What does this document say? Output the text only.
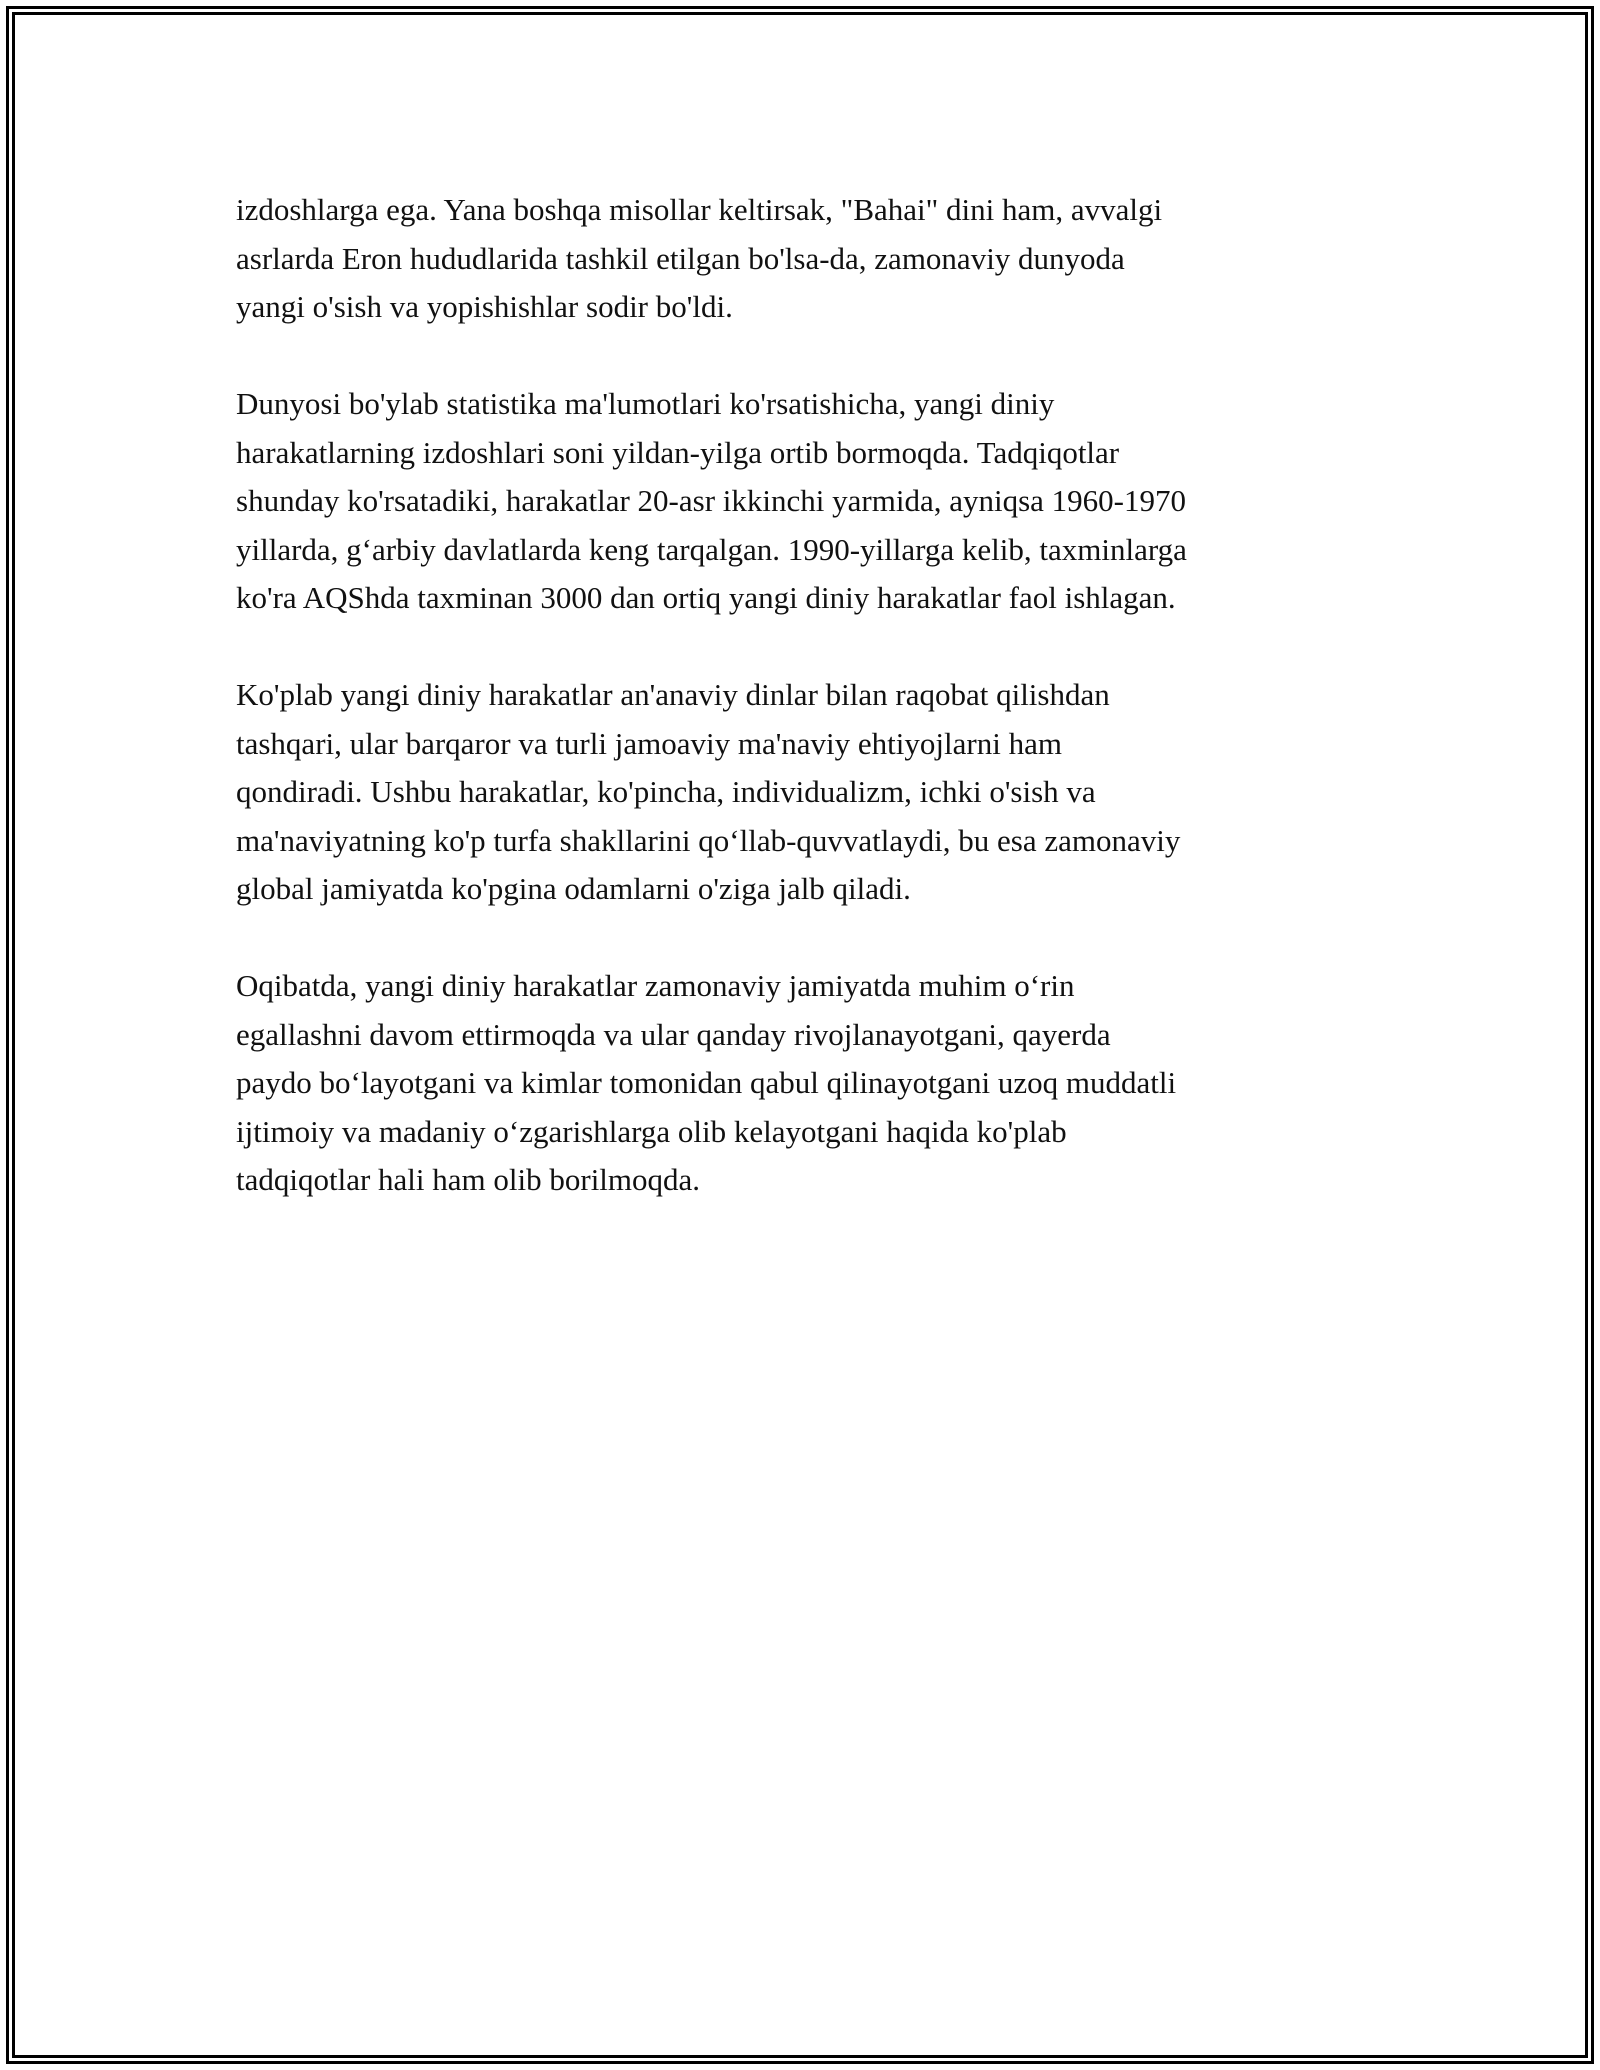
izdoshlarga ega. Yana boshqa misollar keltirsak, "Bahai" dini ham, avvalgi
asrlarda Eron hududlarida tashkil etilgan bo'lsa-da, zamonaviy dunyoda
yangi o'sish va yopishishlar sodir bo'ldi.

Dunyosi bo'ylab statistika ma'lumotlari ko'rsatishicha, yangi diniy
harakatlarning izdoshlari soni yildan-yilga ortib bormoqda. Tadqiqotlar
shunday ko'rsatadiki, harakatlar 20-asr ikkinchi yarmida, ayniqsa 1960-1970
yillarda, g‘arbiy davlatlarda keng tarqalgan. 1990-yillarga kelib, taxminlarga
ko'ra AQShda taxminan 3000 dan ortiq yangi diniy harakatlar faol ishlagan.

Ko'plab yangi diniy harakatlar an'anaviy dinlar bilan raqobat qilishdan
tashqari, ular barqaror va turli jamoaviy ma'naviy ehtiyojlarni ham
qondiradi. Ushbu harakatlar, ko'pincha, individualizm, ichki o'sish va
ma'naviyatning ko'p turfa shakllarini qo‘llab-quvvatlaydi, bu esa zamonaviy
global jamiyatda ko'pgina odamlarni o'ziga jalb qiladi.

Oqibatda, yangi diniy harakatlar zamonaviy jamiyatda muhim o‘rin
egallashni davom ettirmoqda va ular qanday rivojlanayotgani, qayerda
paydo bo‘layotgani va kimlar tomonidan qabul qilinayotgani uzoq muddatli
ijtimoiy va madaniy o‘zgarishlarga olib kelayotgani haqida ko'plab
tadqiqotlar hali ham olib borilmoqda.
